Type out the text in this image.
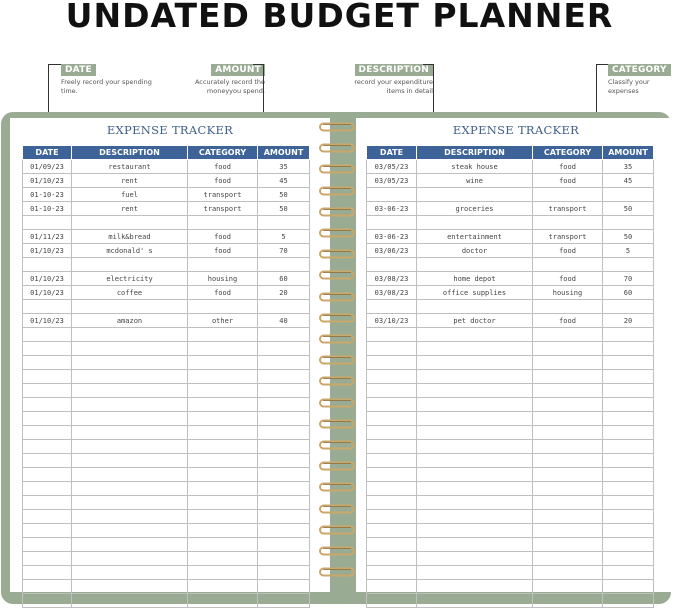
UNDATED BUDGET PLANNER
DATE
Freely record your spending time.
AMOUNT
Accurately record the moneyyou spend.
DESCRIPTION
record your expenditure items in detail
CATEGORY
Classify your expenses
EXPENSE TRACKER
DATE	DESCRIPTION	CATEGORY	AMOUNT
01/09/23	restaurant	food	35
01/10/23	rent	food	45
01-10-23	fuel	transport	50
01-10-23	rent	transport	50

01/11/23	milk&bread	food	5
01/10/23	mcdonald' s	food	70

01/10/23	electricity	housing	60
01/10/23	coffee	food	20

01/10/23	amazon	other	40

EXPENSE TRACKER
DATE	DESCRIPTION	CATEGORY	AMOUNT
03/05/23	steak house	food	35
03/05/23	wine	food	45

03-06-23	groceries	transport	50

03-06-23	entertainment	transport	50
03/06/23	doctor	food	5

03/08/23	home depot	food	70
03/08/23	office supplies	housing	60

03/10/23	pet doctor	food	20
